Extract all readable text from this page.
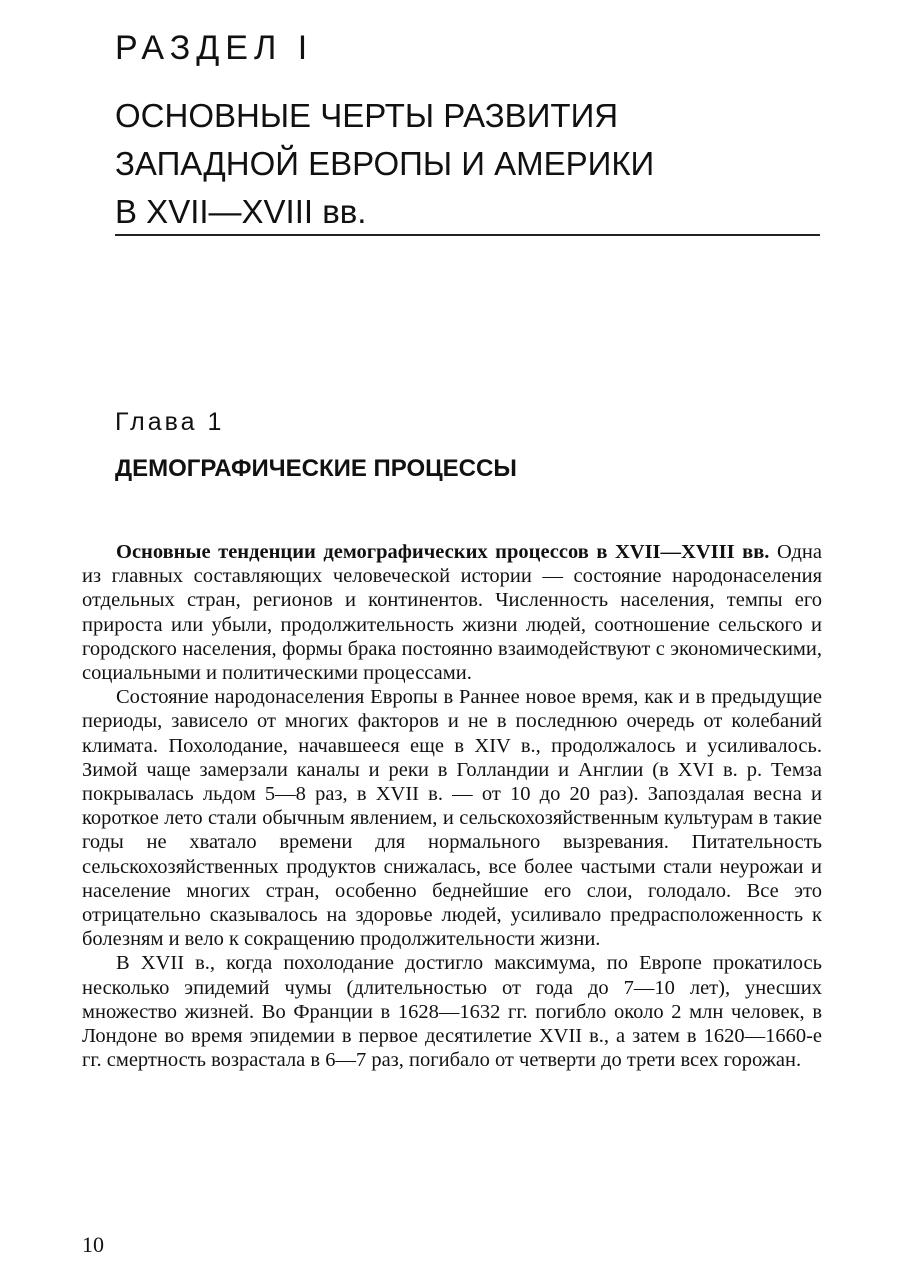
РАЗДЕЛ I
ОСНОВНЫЕ ЧЕРТЫ РАЗВИТИЯ
ЗАПАДНОЙ ЕВРОПЫ И АМЕРИКИ
В XVII—XVIII вв.
Глава 1
ДЕМОГРАФИЧЕСКИЕ ПРОЦЕССЫ

Основные тенденции демографических процессов в XVII—XVIII вв. Одна из главных составляющих человеческой истории — состояние народонаселения отдельных стран, регионов и континентов. Численность населения, темпы его прироста или убыли, продолжительность жизни людей, соотношение сельского и городского населения, формы брака постоянно взаимодействуют с экономическими, социальными и политическими процессами.

Состояние народонаселения Европы в Раннее новое время, как и в предыдущие периоды, зависело от многих факторов и не в последнюю очередь от колебаний климата. Похолодание, начавшееся еще в XIV в., продолжалось и усиливалось. Зимой чаще замерзали каналы и реки в Голландии и Англии (в XVI в. р. Темза покрывалась льдом 5—8 раз, в XVII в. — от 10 до 20 раз). Запоздалая весна и короткое лето стали обычным явлением, и сельскохозяйственным культурам в такие годы не хватало времени для нормального вызревания. Питательность сельскохозяйственных продуктов снижалась, все более частыми стали неурожаи и население многих стран, особенно беднейшие его слои, голодало. Все это отрицательно сказывалось на здоровье людей, усиливало предрасположенность к болезням и вело к сокращению продолжительности жизни.

В XVII в., когда похолодание достигло максимума, по Европе прокатилось несколько эпидемий чумы (длительностью от года до 7—10 лет), унесших множество жизней. Во Франции в 1628—1632 гг. погибло около 2 млн человек, в Лондоне во время эпидемии в первое десятилетие XVII в., а затем в 1620—1660-е гг. смертность возрастала в 6—7 раз, погибало от четверти до трети всех горожан.

10
